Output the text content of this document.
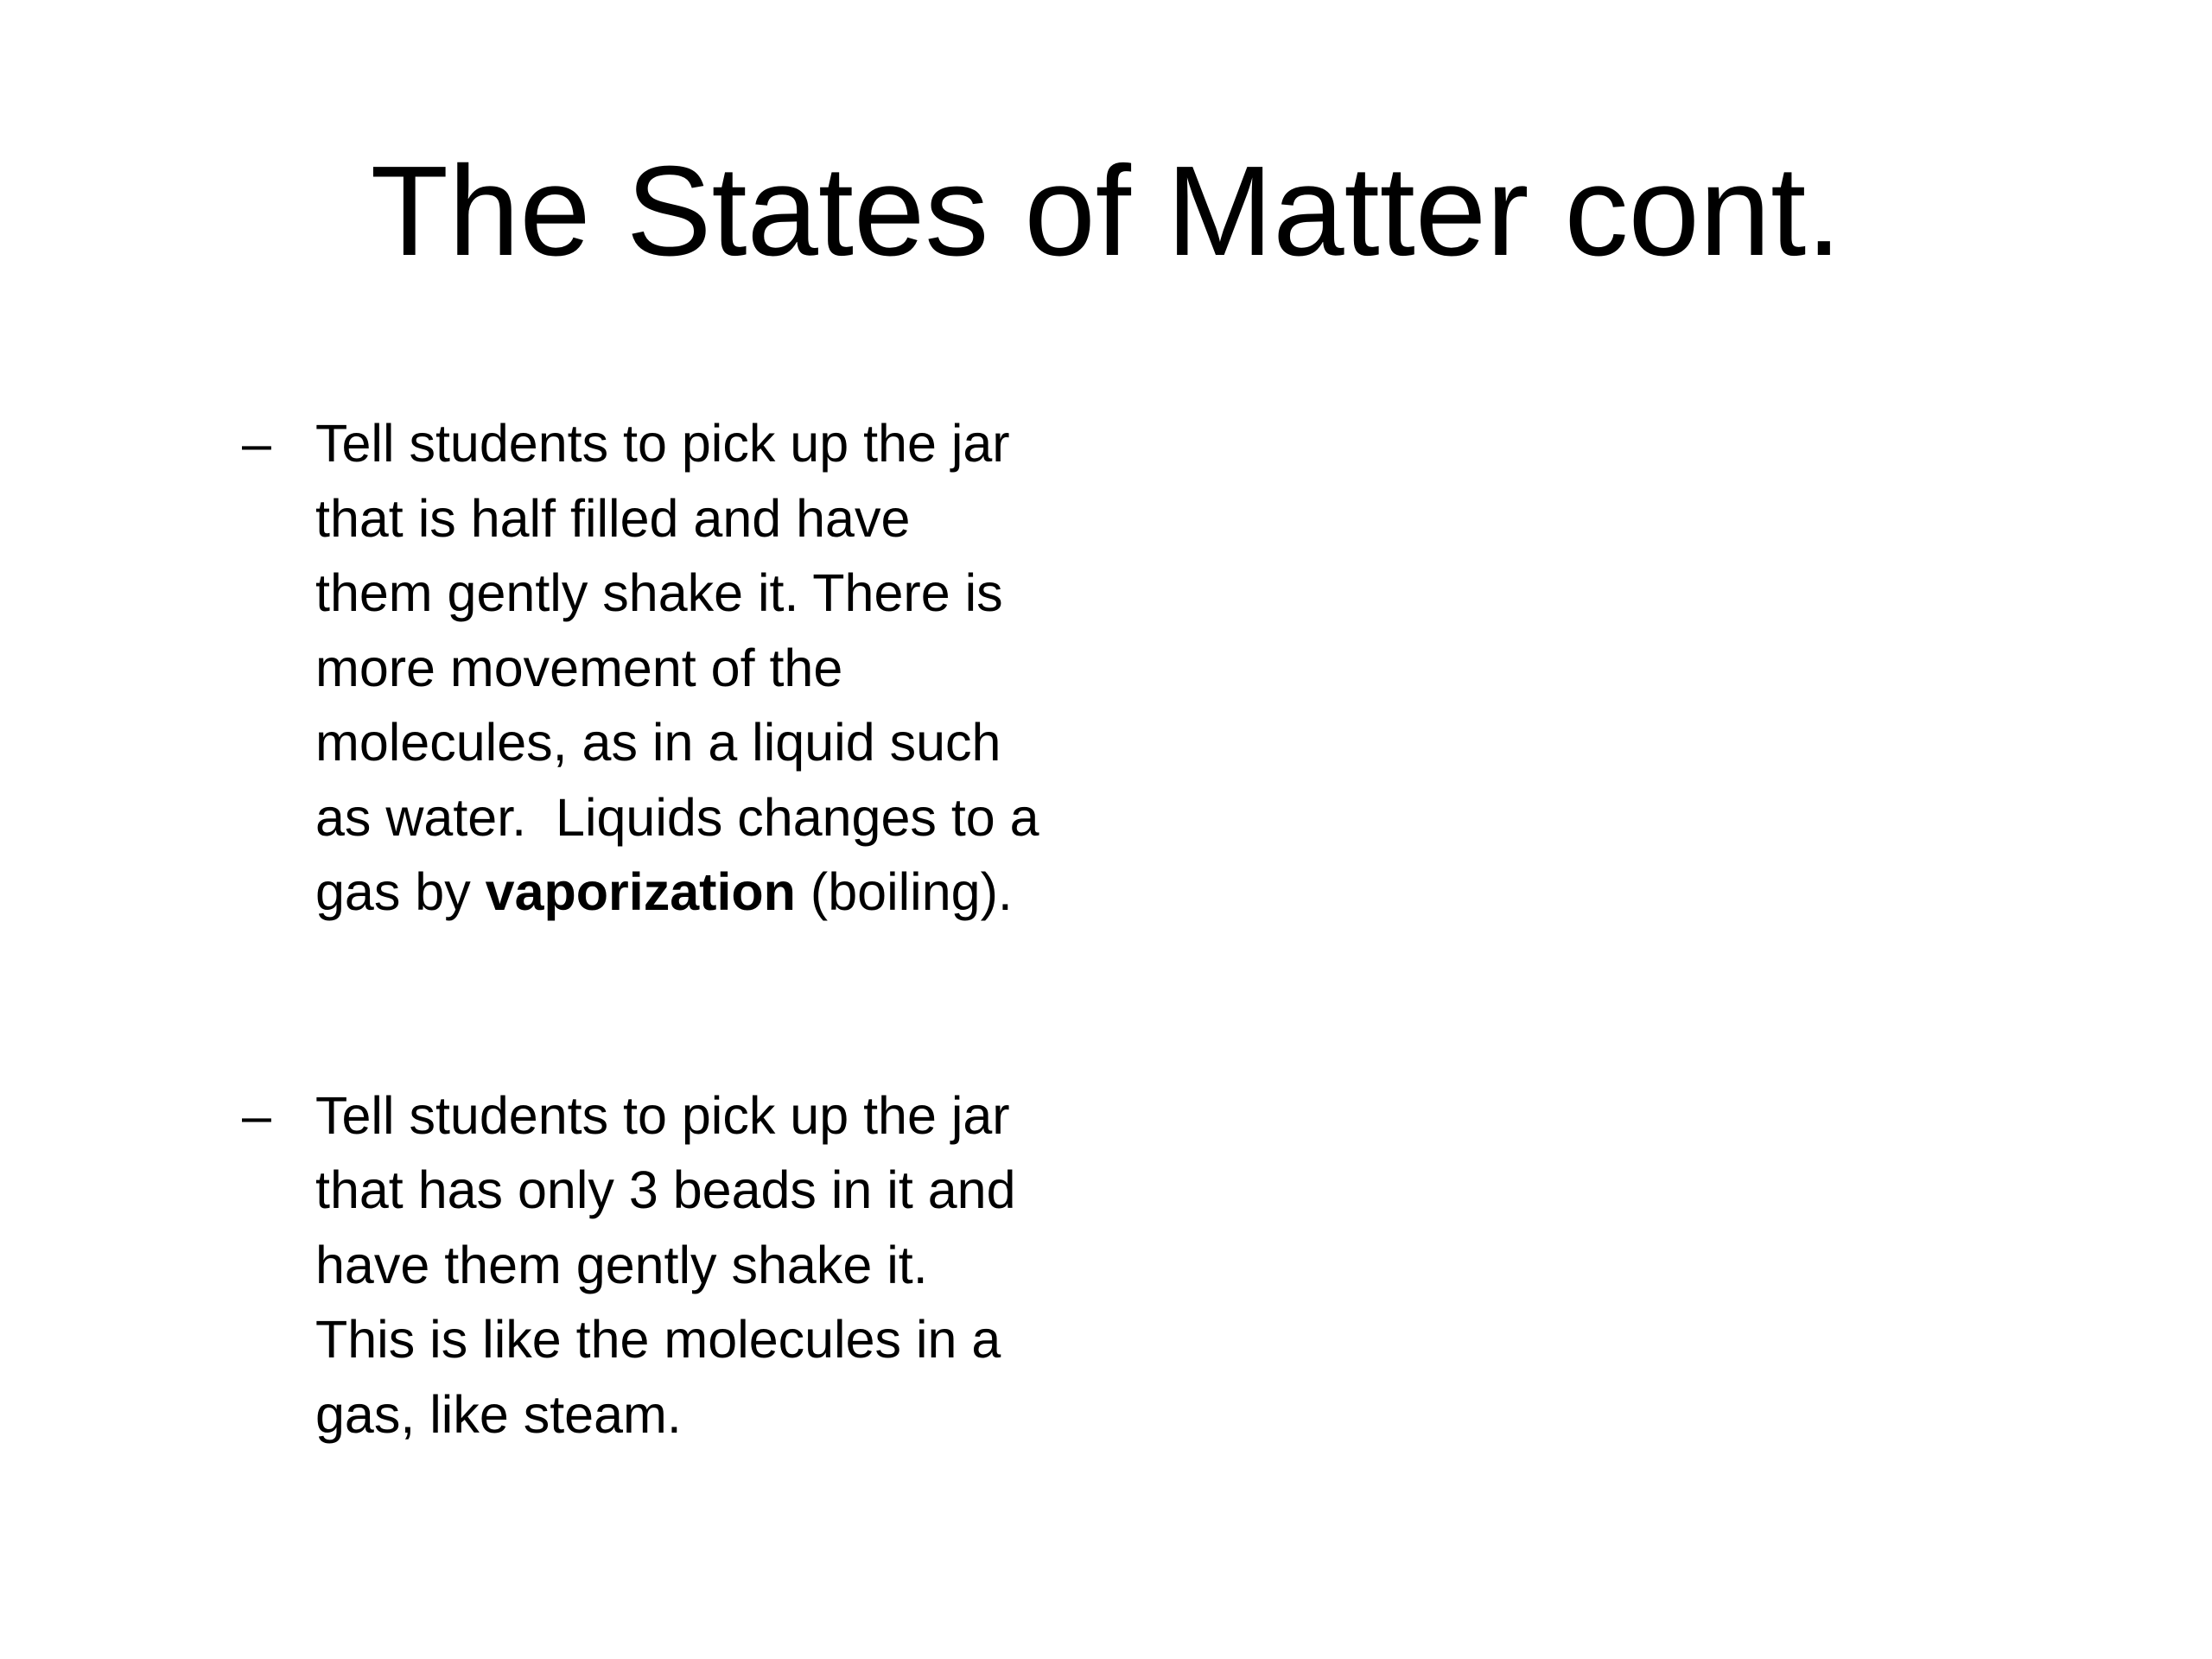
The States of Matter cont.
– Tell students to pick up the jar
that is half filled and have
them gently shake it. There is
more movement of the
molecules, as in a liquid such
as water.  Liquids changes to a
gas by vaporization (boiling).
– Tell students to pick up the jar
that has only 3 beads in it and
have them gently shake it.
This is like the molecules in a
gas, like steam.
